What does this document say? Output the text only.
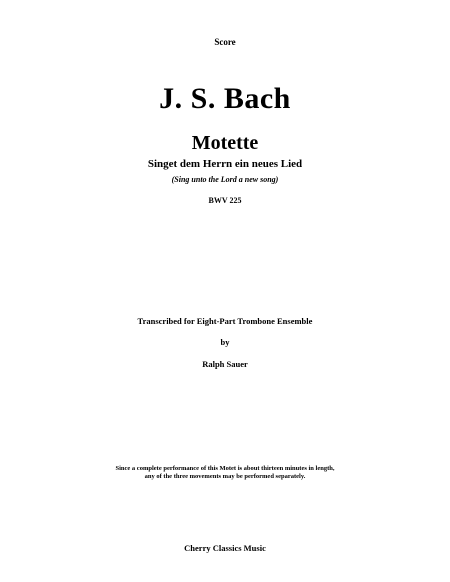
Score
J. S. Bach
Motette
Singet dem Herrn ein neues Lied
(Sing unto the Lord a new song)
BWV 225
Transcribed for Eight-Part Trombone Ensemble
by
Ralph Sauer
Since a complete performance of this Motet is about thirteen minutes in length,
any of the three movements may be performed separately.
Cherry Classics Music
